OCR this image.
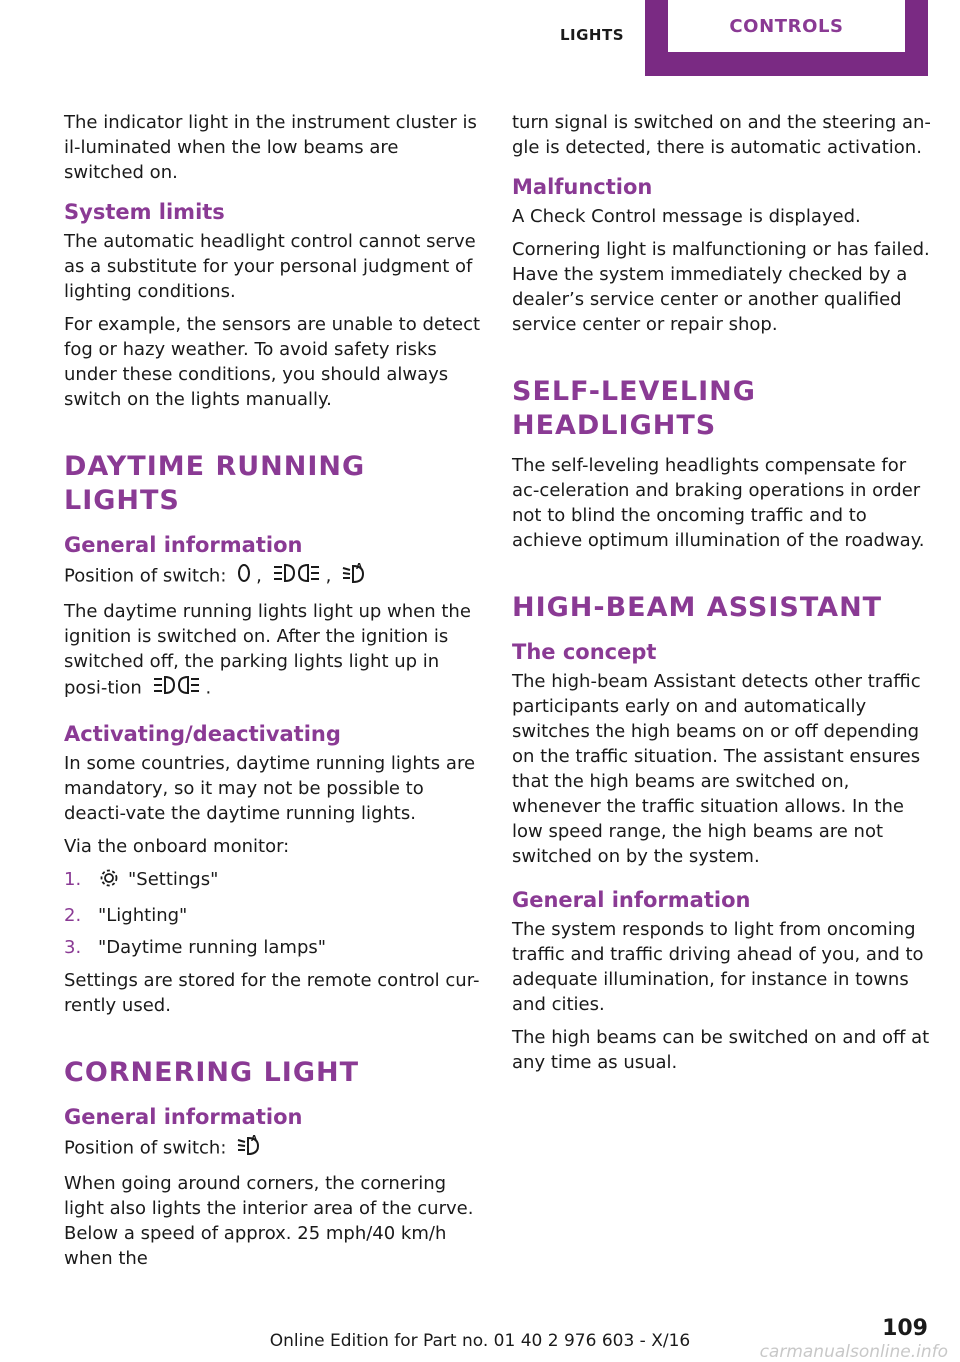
LIGHTS	CONTROLS

The indicator light in the instrument cluster is il-luminated when the low beams are switched on.

System limits

The automatic headlight control cannot serve as a substitute for your personal judgment of lighting conditions.

For example, the sensors are unable to detect fog or hazy weather. To avoid safety risks under these conditions, you should always switch on the lights manually.

DAYTIME RUNNING LIGHTS
General information

Position of switch: ,	, A

The daytime running lights light up when the ignition is switched on. After the ignition is switched off, the parking lights light up in posi-tion	.

Activating/deactivating

In some countries, daytime running lights are mandatory, so it may not be possible to deacti-vate the daytime running lights.

Via the onboard monitor:

1.	"Settings"
2. "Lighting"
3. "Daytime running lamps"

Settings are stored for the remote control cur-rently used.

CORNERING LIGHT
General information

Position of switch:	A

When going around corners, the cornering light also lights the interior area of the curve. Below a speed of approx. 25 mph/40 km/h when the

turn signal is switched on and the steering an-gle is detected, there is automatic activation.

Malfunction

A Check Control message is displayed.

Cornering light is malfunctioning or has failed. Have the system immediately checked by a dealer’s service center or another qualified service center or repair shop.

SELF-LEVELING HEADLIGHTS

The self-leveling headlights compensate for ac-celeration and braking operations in order not to blind the oncoming traffic and to achieve optimum illumination of the roadway.

HIGH-BEAM ASSISTANT
The concept

The high-beam Assistant detects other traffic participants early on and automatically switches the high beams on or off depending on the traffic situation. The assistant ensures that the high beams are switched on, whenever the traffic situation allows. In the low speed range, the high beams are not switched on by the system.

General information

The system responds to light from oncoming traffic and traffic driving ahead of you, and to adequate illumination, for instance in towns and cities.

The high beams can be switched on and off at any time as usual.

109
Online Edition for Part no. 01 40 2 976 603 - X/16
carmanualsonline.info
